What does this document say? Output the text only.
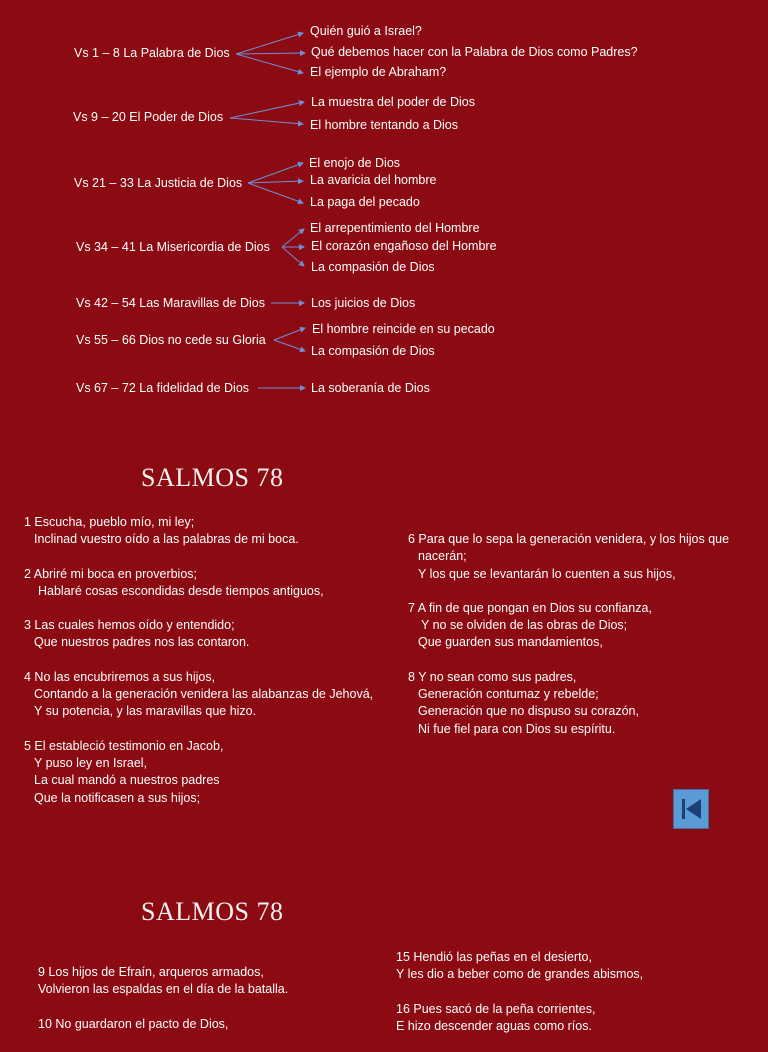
Vs 1 – 8 La Palabra de Dios
Vs 9 – 20 El Poder de Dios
Vs 21 – 33 La Justicia de Dios
Vs 34 – 41 La Misericordia de Dios
Vs 42 – 54 Las Maravillas de Dios
Vs 55 – 66 Dios no cede su Gloria
Vs 67 – 72 La fidelidad de Dios
Quién guió a Israel?
Qué debemos hacer con la Palabra de Dios como Padres?
El ejemplo de Abraham?
La muestra del poder de Dios
El hombre tentando a Dios
El enojo de Dios
La avaricia del hombre
La paga del pecado
El arrepentimiento del Hombre
El corazón engañoso del Hombre
La compasión de Dios
Los juicios de Dios
El hombre reincide en su pecado
La compasión de Dios
La soberanía de Dios
SALMOS 78
1 Escucha, pueblo mío, mi ley;
Inclinad vuestro oído a las palabras de mi boca.
2 Abriré mi boca en proverbios;
Hablaré cosas escondidas desde tiempos antiguos,
3 Las cuales hemos oído y entendido;
Que nuestros padres nos las contaron.
4 No las encubriremos a sus hijos,
Contando a la generación venidera las alabanzas de Jehová,
Y su potencia, y las maravillas que hizo.
5 El estableció testimonio en Jacob,
Y puso ley en Israel,
La cual mandó a nuestros padres
Que la notificasen a sus hijos;
6 Para que lo sepa la generación venidera, y los hijos que
nacerán;
Y los que se levantarán lo cuenten a sus hijos,
7 A fin de que pongan en Dios su confianza,
Y no se olviden de las obras de Dios;
Que guarden sus mandamientos,
8 Y no sean como sus padres,
Generación contumaz y rebelde;
Generación que no dispuso su corazón,
Ni fue fiel para con Dios su espíritu.
SALMOS 78
9 Los hijos de Efraín, arqueros armados,
Volvieron las espaldas en el día de la batalla.
10 No guardaron el pacto de Dios,
15 Hendió las peñas en el desierto,
Y les dio a beber como de grandes abismos,
16 Pues sacó de la peña corrientes,
E hizo descender aguas como ríos.
